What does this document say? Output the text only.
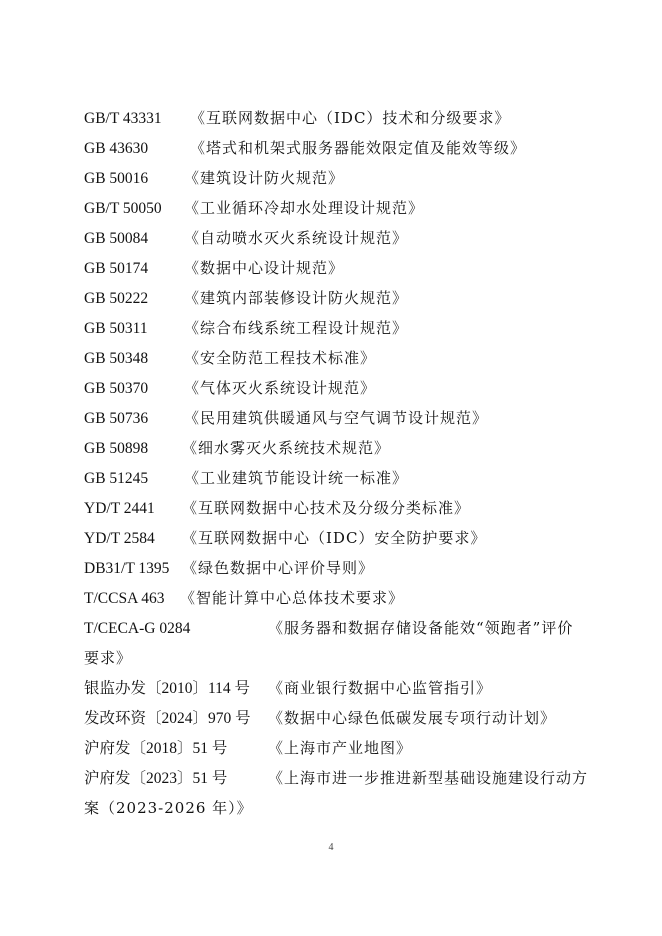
GB/T 43331	《互联网数据中心（IDC）技术和分级要求》
GB 43630	《塔式和机架式服务器能效限定值及能效等级》
GB 50016	《建筑设计防火规范》
GB/T 50050	《工业循环冷却水处理设计规范》
GB 50084	《自动喷水灭火系统设计规范》
GB 50174	《数据中心设计规范》
GB 50222	《建筑内部装修设计防火规范》
GB 50311	《综合布线系统工程设计规范》
GB 50348	《安全防范工程技术标准》
GB 50370	《气体灭火系统设计规范》
GB 50736	《民用建筑供暖通风与空气调节设计规范》
GB 50898	《细水雾灭火系统技术规范》
GB 51245	《工业建筑节能设计统一标准》
YD/T 2441	《互联网数据中心技术及分级分类标准》
YD/T 2584	《互联网数据中心（IDC）安全防护要求》
DB31/T 1395 《绿色数据中心评价导则》
T/CCSA 463	《智能计算中心总体技术要求》
T/CECA-G 0284	《服务器和数据存储设备能效“领跑者”评价
要求》
银监办发〔2010〕114 号	《商业银行数据中心监管指引》
发改环资〔2024〕970 号	《数据中心绿色低碳发展专项行动计划》
沪府发〔2018〕51 号	《上海市产业地图》
沪府发〔2023〕51 号	《上海市进一步推进新型基础设施建设行动方
案（2023-2026 年）》
4
